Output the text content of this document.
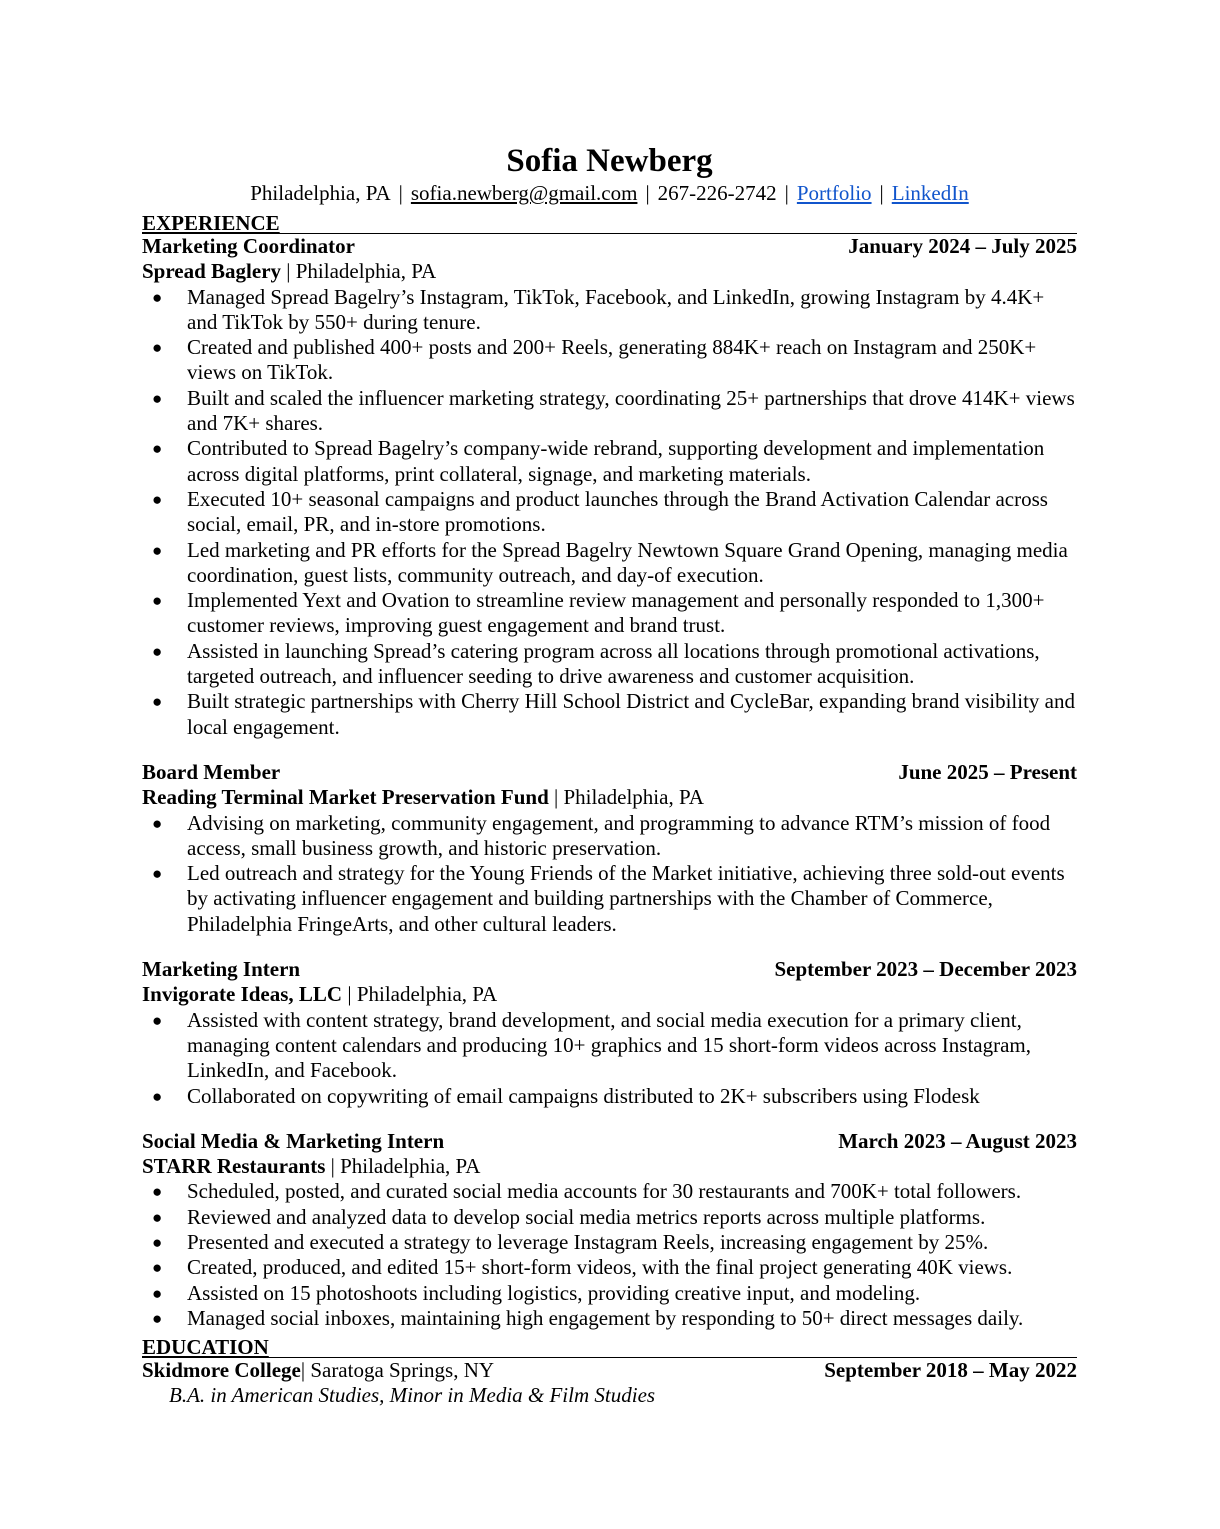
Sofia Newberg
Philadelphia, PA | sofia.newberg@gmail.com | 267-226-2742 | Portfolio | LinkedIn
EXPERIENCE
Marketing Coordinator	January 2024 – July 2025
Spread Baglery | Philadelphia, PA
● Managed Spread Bagelry’s Instagram, TikTok, Facebook, and LinkedIn, growing Instagram by 4.4K+ and TikTok by 550+ during tenure.
● Created and published 400+ posts and 200+ Reels, generating 884K+ reach on Instagram and 250K+ views on TikTok.
● Built and scaled the influencer marketing strategy, coordinating 25+ partnerships that drove 414K+ views and 7K+ shares.
● Contributed to Spread Bagelry’s company-wide rebrand, supporting development and implementation across digital platforms, print collateral, signage, and marketing materials.
● Executed 10+ seasonal campaigns and product launches through the Brand Activation Calendar across social, email, PR, and in-store promotions.
● Led marketing and PR efforts for the Spread Bagelry Newtown Square Grand Opening, managing media coordination, guest lists, community outreach, and day-of execution.
● Implemented Yext and Ovation to streamline review management and personally responded to 1,300+ customer reviews, improving guest engagement and brand trust.
● Assisted in launching Spread’s catering program across all locations through promotional activations, targeted outreach, and influencer seeding to drive awareness and customer acquisition.
● Built strategic partnerships with Cherry Hill School District and CycleBar, expanding brand visibility and local engagement.
Board Member	June 2025 – Present
Reading Terminal Market Preservation Fund | Philadelphia, PA
● Advising on marketing, community engagement, and programming to advance RTM’s mission of food access, small business growth, and historic preservation.
● Led outreach and strategy for the Young Friends of the Market initiative, achieving three sold-out events by activating influencer engagement and building partnerships with the Chamber of Commerce, Philadelphia FringeArts, and other cultural leaders.
Marketing Intern	September 2023 – December 2023
Invigorate Ideas, LLC | Philadelphia, PA
● Assisted with content strategy, brand development, and social media execution for a primary client, managing content calendars and producing 10+ graphics and 15 short-form videos across Instagram, LinkedIn, and Facebook.
● Collaborated on copywriting of email campaigns distributed to 2K+ subscribers using Flodesk
Social Media & Marketing Intern	March 2023 – August 2023
STARR Restaurants | Philadelphia, PA
● Scheduled, posted, and curated social media accounts for 30 restaurants and 700K+ total followers.
● Reviewed and analyzed data to develop social media metrics reports across multiple platforms.
● Presented and executed a strategy to leverage Instagram Reels, increasing engagement by 25%.
● Created, produced, and edited 15+ short-form videos, with the final project generating 40K views.
● Assisted on 15 photoshoots including logistics, providing creative input, and modeling.
● Managed social inboxes, maintaining high engagement by responding to 50+ direct messages daily.
EDUCATION
Skidmore College| Saratoga Springs, NY	September 2018 – May 2022
B.A. in American Studies, Minor in Media & Film Studies
